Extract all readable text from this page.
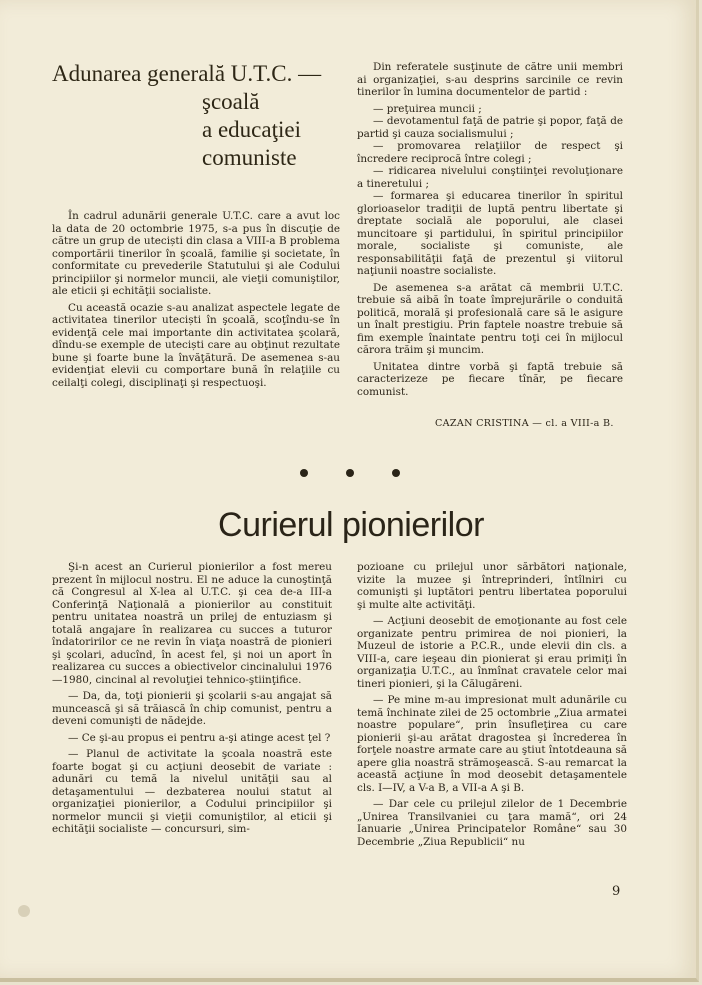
Adunarea generală U.T.C. —
şcoală
a educaţiei
comuniste

În cadrul adunării generale U.T.C. care a avut loc la data de 20 octombrie 1975, s-a pus în discuţie de către un grup de uteciști din clasa a VIII-a B problema comportării tinerilor în şcoală, familie şi societate, în conformitate cu prevederile Statutului şi ale Codului principiilor şi normelor muncii, ale vieţii comuniştilor, ale eticii şi echităţii socialiste.

Cu această ocazie s-au analizat aspectele legate de activitatea tinerilor uteciști în şcoală, scoţîndu-se în evidenţă cele mai importante din activitatea şcolară, dîndu-se exemple de uteciști care au obţinut rezultate bune şi foarte bune la învăţătură. De asemenea s-au evidenţiat elevii cu comportare bună în relaţiile cu ceilalţi colegi, disciplinaţi şi respectuoşi.

Din referatele susţinute de către unii membri ai organizaţiei, s-au desprins sarcinile ce revin tinerilor în lumina documentelor de partid :

— preţuirea muncii ;
— devotamentul faţă de patrie şi popor, faţă de partid şi cauza socialismului ;
— promovarea relaţiilor de respect şi încredere reciprocă între colegi ;
— ridicarea nivelului conştiinţei revoluţionare a tineretului ;
— formarea şi educarea tinerilor în spiritul glorioaselor tradiţii de luptă pentru libertate şi dreptate socială ale poporului, ale clasei muncitoare şi partidului, în spiritul principiilor morale, socialiste şi comuniste, ale responsabilităţii faţă de prezentul şi viitorul naţiunii noastre socialiste.

De asemenea s-a arătat că membrii U.T.C. trebuie să aibă în toate împrejurările o conduită politică, morală şi profesională care să le asigure un înalt prestigiu. Prin faptele noastre trebuie să fim exemple înaintate pentru toţi cei în mijlocul cărora trăim şi muncim.

Unitatea dintre vorbă şi faptă trebuie să caracterizeze pe fiecare tînăr, pe fiecare comunist.

CAZAN CRISTINA — cl. a VIII-a B.
Curierul pionierilor

Şi-n acest an Curierul pionierilor a fost mereu prezent în mijlocul nostru. El ne aduce la cunoştinţă că Congresul al X-lea al U.T.C. şi cea de-a III-a Conferinţă Naţională a pionierilor au constituit pentru unitatea noastră un prilej de entuziasm şi totală angajare în realizarea cu succes a tuturor îndatoririlor ce ne revin în viaţa noastră de pionieri şi şcolari, aducînd, în acest fel, şi noi un aport în realizarea cu succes a obiectivelor cincinalului 1976—1980, cincinal al revoluţiei tehnico-ştiinţifice.

— Da, da, toţi pionierii şi şcolarii s-au angajat să muncească şi să trăiască în chip comunist, pentru a deveni comunişti de nădejde.

— Ce şi-au propus ei pentru a-şi atinge acest ţel ?

— Planul de activitate la şcoala noastră este foarte bogat şi cu acţiuni deosebit de variate : adunări cu temă la nivelul unităţii sau al detaşamentului — dezbaterea noului statut al organizaţiei pionierilor, a Codului principiilor şi normelor muncii şi vieţii comuniştilor, al eticii şi echităţii socialiste — concursuri, sim-

pozioane cu prilejul unor sărbători naţionale, vizite la muzee şi întreprinderi, întîlniri cu comunişti şi luptători pentru libertatea poporului şi multe alte activităţi.

— Acţiuni deosebit de emoţionante au fost cele organizate pentru primirea de noi pionieri, la Muzeul de istorie a P.C.R., unde elevii din cls. a VIII-a, care ieşeau din pionierat şi erau primiţi în organizaţia U.T.C., au înmînat cravatele celor mai tineri pionieri, şi la Călugăreni.

— Pe mine m-au impresionat mult adunările cu temă închinate zilei de 25 octombrie „Ziua armatei noastre populare“, prin însufleţirea cu care pionierii şi-au arătat dragostea şi încrederea în forţele noastre armate care au ştiut întotdeauna să apere glia noastră strămoşească. S-au remarcat la această acţiune în mod deosebit detaşamentele cls. I—IV, a V-a B, a VII-a A şi B.

— Dar cele cu prilejul zilelor de 1 Decembrie „Unirea Transilvaniei cu ţara mamă“, ori 24 Ianuarie „Unirea Principatelor Române“ sau 30 Decembrie „Ziua Republicii“ nu

9
